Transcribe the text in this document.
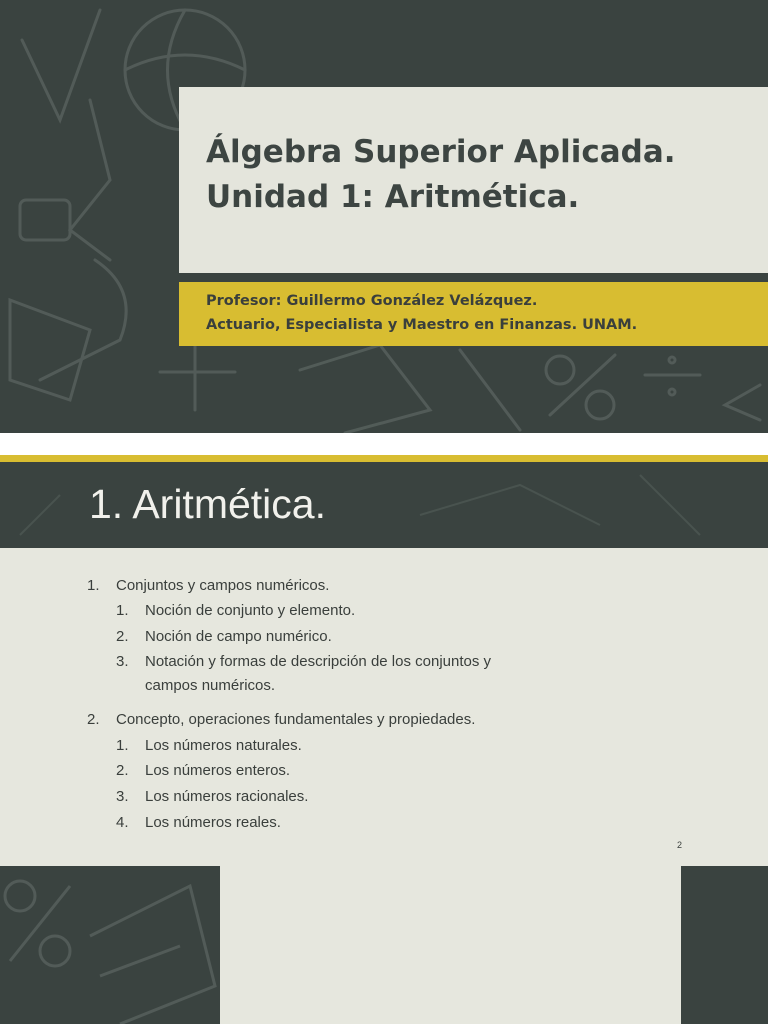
Álgebra Superior Aplicada.
Unidad 1: Aritmética.
Profesor: Guillermo González Velázquez.
Actuario, Especialista y Maestro en Finanzas. UNAM.
1. Aritmética.
1. Conjuntos y campos numéricos.
1. Noción de conjunto y elemento.
2. Noción de campo numérico.
3. Notación y formas de descripción de los conjuntos y
campos numéricos.
2. Concepto, operaciones fundamentales y propiedades.
1. Los números naturales.
2. Los números enteros.
3. Los números racionales.
4. Los números reales.
2
